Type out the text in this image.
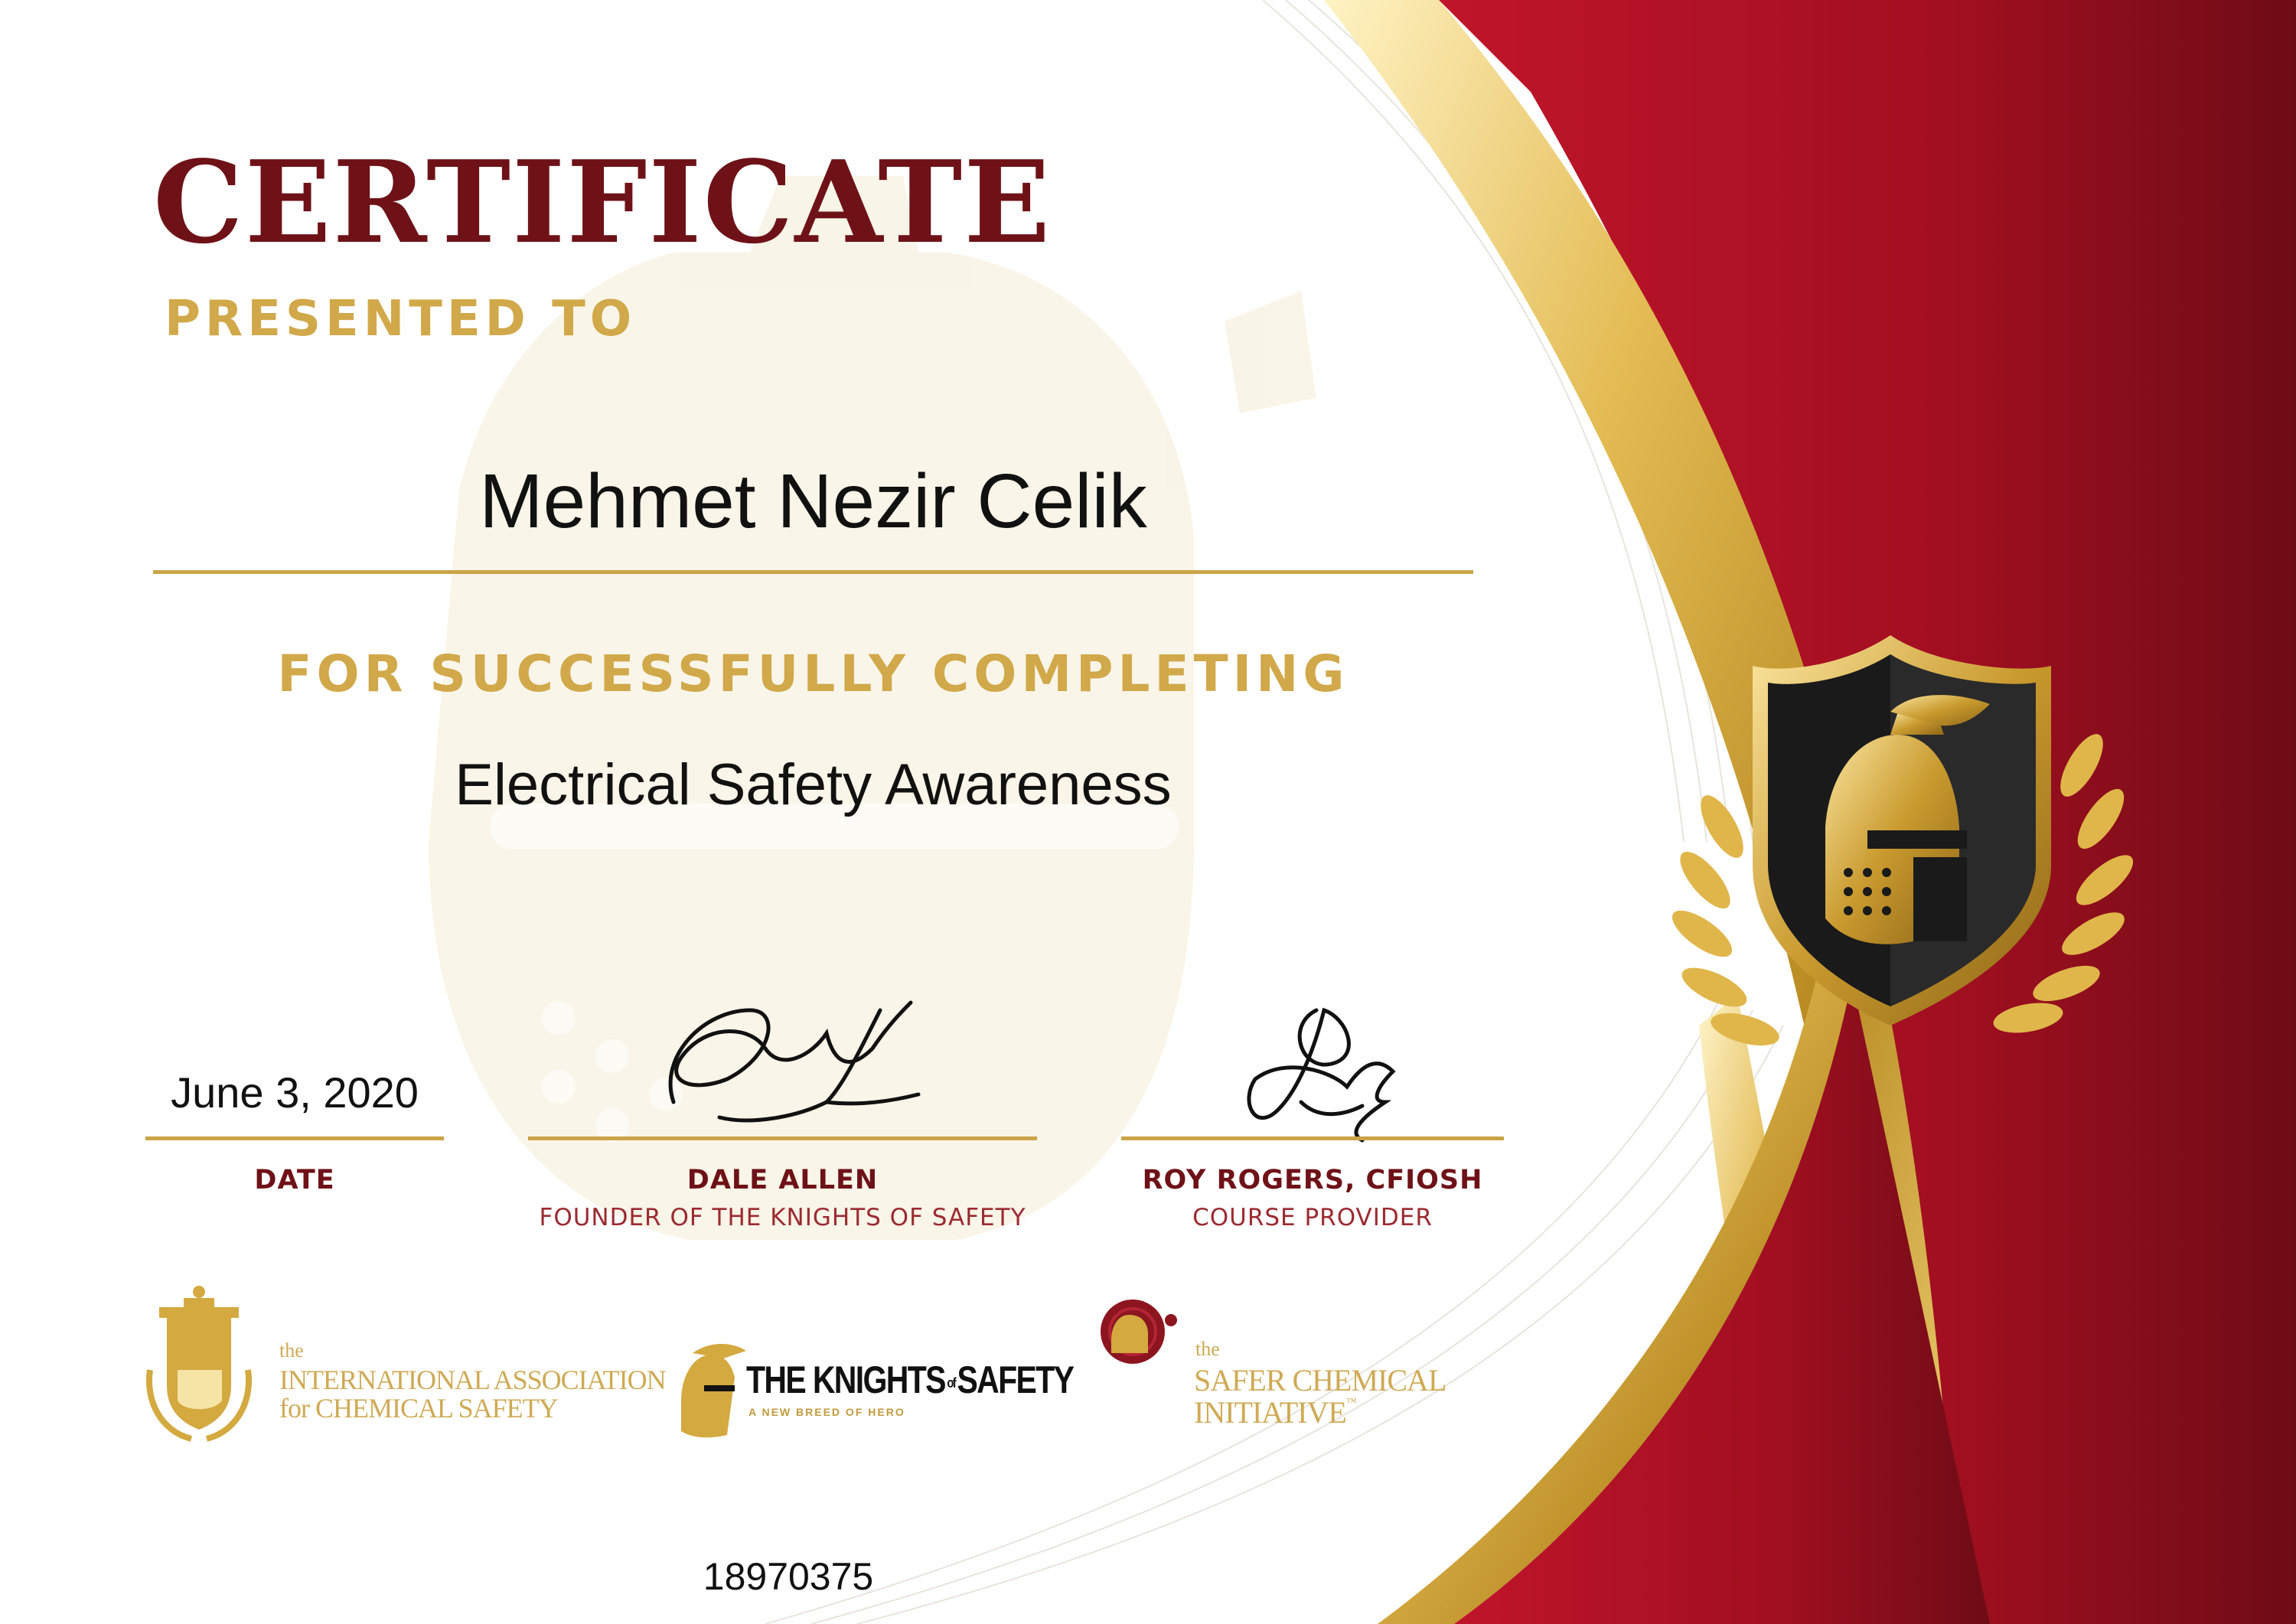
CERTIFICATE
PRESENTED TO
Mehmet Nezir Celik
FOR SUCCESSFULLY COMPLETING
Electrical Safety Awareness
June 3, 2020
DATE	DALE ALLEN
FOUNDER OF THE KNIGHTS OF SAFETY
ROY ROGERS, CFIOSH
COURSE PROVIDER
the
INTERNATIONAL ASSOCIATION
for CHEMICAL SAFETY
THE KNIGHTS ofSAFETY
A NEW BREED OF HERO
the
SAFER CHEMICAL
INITIATIVE™
18970375
